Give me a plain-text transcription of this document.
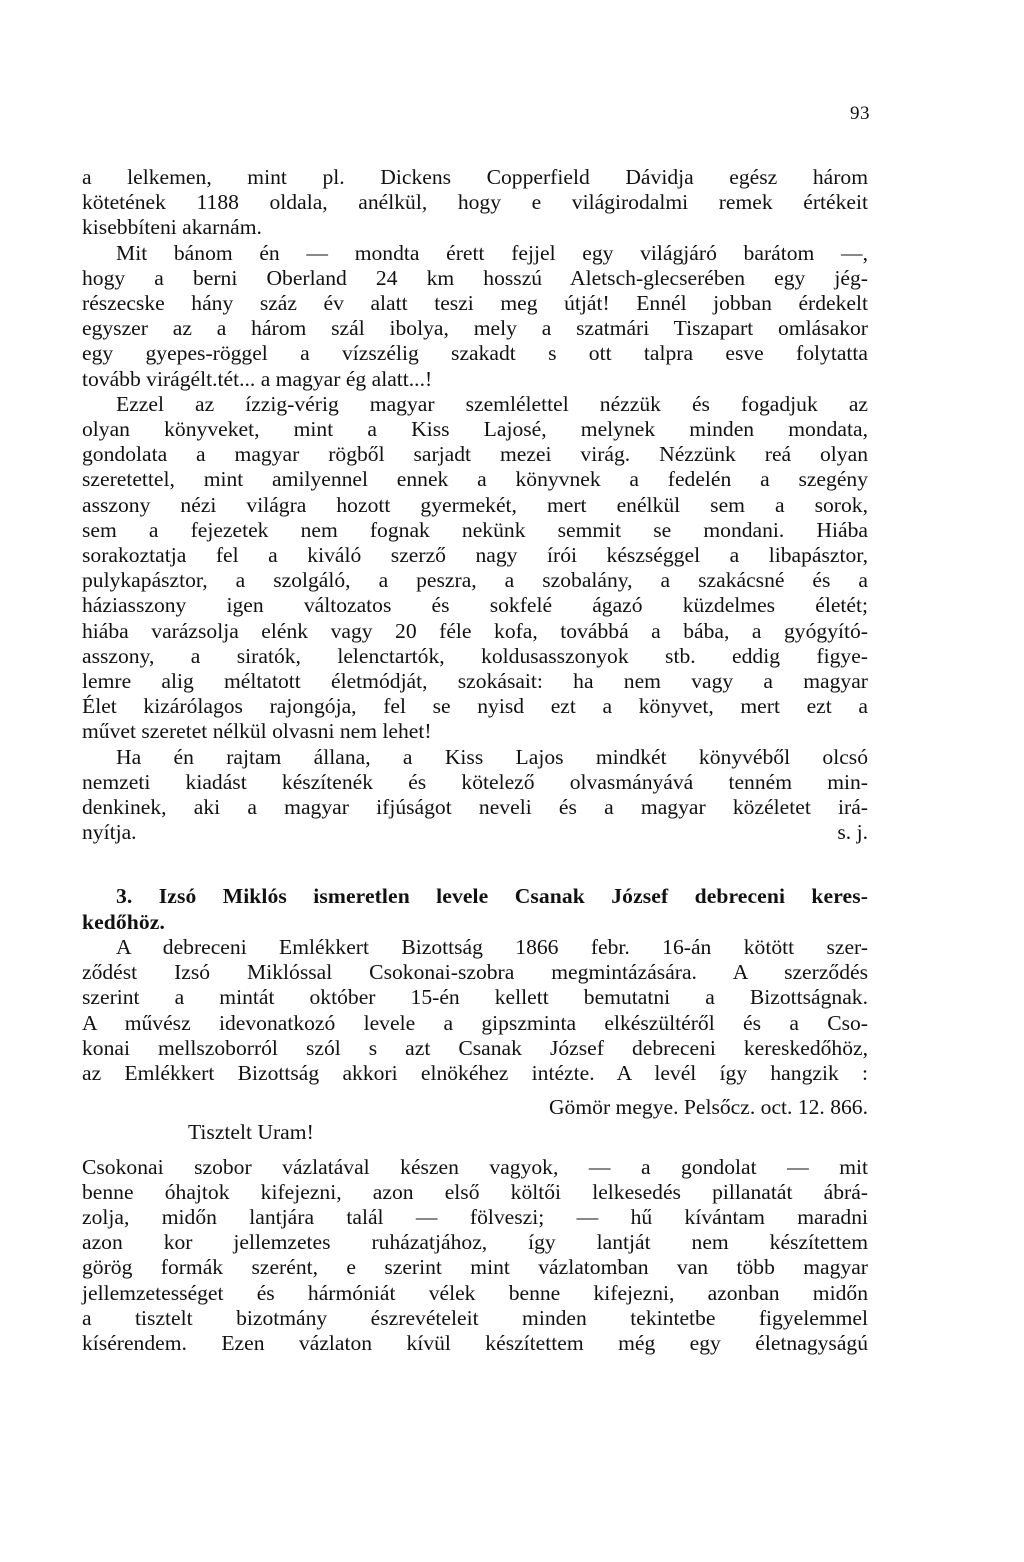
93
a lelkemen, mint pl. Dickens Copperfield Dávidja egész három
kötetének 1188 oldala, anélkül, hogy e világirodalmi remek értékeit
kisebbíteni akarnám.
Mit bánom én — mondta érett fejjel egy világjáró barátom —,
hogy a berni Oberland 24 km hosszú Aletsch-glecserében egy jég-
részecske hány száz év alatt teszi meg útját! Ennél jobban érdekelt
egyszer az a három szál ibolya, mely a szatmári Tiszapart omlásakor
egy gyepes-röggel a vízszélig szakadt s ott talpra esve folytatta
tovább virágélt.tét... a magyar ég alatt...!
Ezzel az ízzig-vérig magyar szemlélettel nézzük és fogadjuk az
olyan könyveket, mint a Kiss Lajosé, melynek minden mondata,
gondolata a magyar rögből sarjadt mezei virág. Nézzünk reá olyan
szeretettel, mint amilyennel ennek a könyvnek a fedelén a szegény
asszony nézi világra hozott gyermekét, mert enélkül sem a sorok,
sem a fejezetek nem fognak nekünk semmit se mondani. Hiába
sorakoztatja fel a kiváló szerző nagy írói készséggel a libapásztor,
pulykapásztor, a szolgáló, a peszra, a szobalány, a szakácsné és a
háziasszony igen változatos és sokfelé ágazó küzdelmes életét;
hiába varázsolja elénk vagy 20 féle kofa, továbbá a bába, a gyógyító-
asszony, a siratók, lelenctartók, koldusasszonyok stb. eddig figye-
lemre alig méltatott életmódját, szokásait: ha nem vagy a magyar
Élet kizárólagos rajongója, fel se nyisd ezt a könyvet, mert ezt a
művet szeretet nélkül olvasni nem lehet!
Ha én rajtam állana, a Kiss Lajos mindkét könyvéből olcsó
nemzeti kiadást készítenék és kötelező olvasmányává tenném min-
denkinek, aki a magyar ifjúságot neveli és a magyar közéletet irá-
nyítja.	s. j.
3. Izsó Miklós ismeretlen levele Csanak József debreceni keres-
kedőhöz.
A debreceni Emlékkert Bizottság 1866 febr. 16-án kötött szer-
ződést Izsó Miklóssal Csokonai-szobra megmintázására. A szerződés
szerint a mintát október 15-én kellett bemutatni a Bizottságnak.
A művész idevonatkozó levele a gipszminta elkészültéről és a Cso-
konai mellszoborról szól s azt Csanak József debreceni kereskedőhöz,
az Emlékkert Bizottság akkori elnökéhez intézte. A levél így hangzik :
Gömör megye. Pelsőcz. oct. 12. 866.
Tisztelt Uram!
Csokonai szobor vázlatával készen vagyok, — a gondolat — mit
benne óhajtok kifejezni, azon első költői lelkesedés pillanatát ábrá-
zolja, midőn lantjára talál — fölveszi; — hű kívántam maradni
azon kor jellemzetes ruházatjához, így lantját nem készítettem
görög formák szerént, e szerint mint vázlatomban van több magyar
jellemzetességet és hármóniát vélek benne kifejezni, azonban midőn
a tisztelt bizotmány észrevételeit minden tekintetbe figyelemmel
kísérendem. Ezen vázlaton kívül készítettem még egy életnagyságú
